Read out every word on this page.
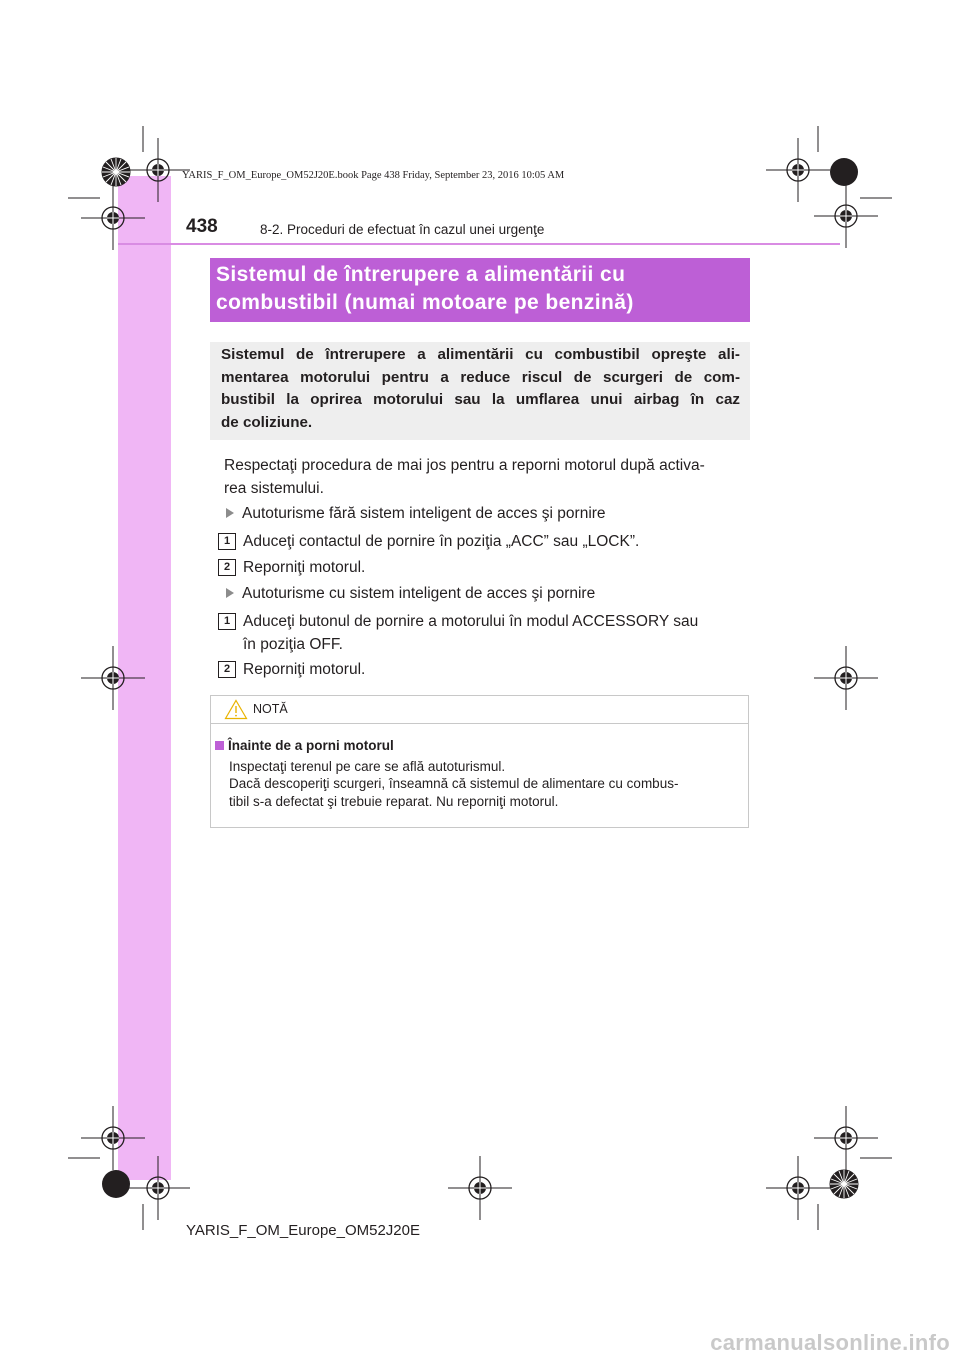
YARIS_F_OM_Europe_OM52J20E.book Page 438 Friday, September 23, 2016 10:05 AM
438	8-2. Proceduri de efectuat în cazul unei urgenţe
Sistemul de întrerupere a alimentării cu
combustibil (numai motoare pe benzină)
Sistemul de întrerupere a alimentării cu combustibil opreşte ali-
mentarea motorului pentru a reduce riscul de scurgeri de com-
bustibil la oprirea motorului sau la umflarea unui airbag în caz
de coliziune.
Respectaţi procedura de mai jos pentru a reporni motorul după activa-
rea sistemului.
Autoturisme fără sistem inteligent de acces şi pornire
1 Aduceţi contactul de pornire în poziţia „ACC” sau „LOCK”.
2 Reporniţi motorul.
Autoturisme cu sistem inteligent de acces şi pornire
1 Aduceţi butonul de pornire a motorului în modul ACCESSORY sau
în poziţia OFF.
2 Reporniţi motorul.
NOTĂ
Înainte de a porni motorul
Inspectaţi terenul pe care se află autoturismul.
Dacă descoperiţi scurgeri, înseamnă că sistemul de alimentare cu combus-
tibil s-a defectat şi trebuie reparat. Nu reporniţi motorul.
YARIS_F_OM_Europe_OM52J20E
carmanualsonline.info
